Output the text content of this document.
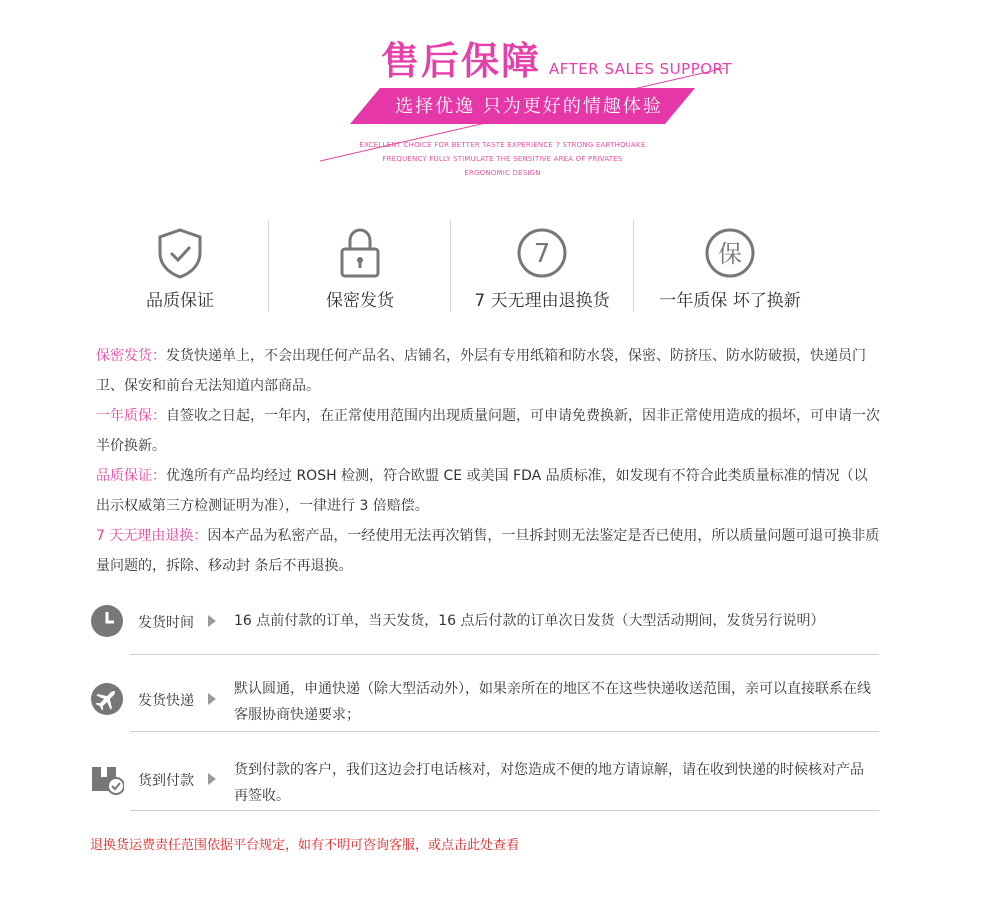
售后保障 AFTER SALES SUPPORT
选择优逸 只为更好的情趣体验
EXCELLENT CHOICE FOR BETTER TASTE EXPERIENCE 7 STRONG EARTHQUAKE
FREQUENCY FULLY STIMULATE THE SENSITIVE AREA OF PRIVATES
ERGONOMIC DESIGN
品质保证	保密发货
7
7 天无理由退换货
保
一年质保 坏了换新

保密发货：发货快递单上，不会出现任何产品名、店铺名，外层有专用纸箱和防水袋，保密、防挤压、防水防破损，快递员门卫、保安和前台无法知道内部商品。

一年质保：自签收之日起，一年内，在正常使用范围内出现质量问题，可申请免费换新，因非正常使用造成的损坏，可申请一次半价换新。

品质保证：优逸所有产品均经过 ROSH 检测，符合欧盟 CE 或美国 FDA 品质标准，如发现有不符合此类质量标准的情况（以出示权威第三方检测证明为准），一律进行 3 倍赔偿。

7 天无理由退换：因本产品为私密产品，一经使用无法再次销售，一旦拆封则无法鉴定是否已使用，所以质量问题可退可换非质量问题的，拆除、移动封 条后不再退换。

发货时间	16 点前付款的订单，当天发货，16 点后付款的订单次日发货（大型活动期间，发货另行说明）
发货快递
默认圆通，申通快递（除大型活动外），如果亲所在的地区不在这些快递收送范围，亲可以直接联系在线客服协商快递要求；
货到付款
货到付款的客户，我们这边会打电话核对，对您造成不便的地方请谅解，请在收到快递的时候核对产品再签收。
退换货运费责任范围依据平台规定，如有不明可咨询客服，或点击此处查看
